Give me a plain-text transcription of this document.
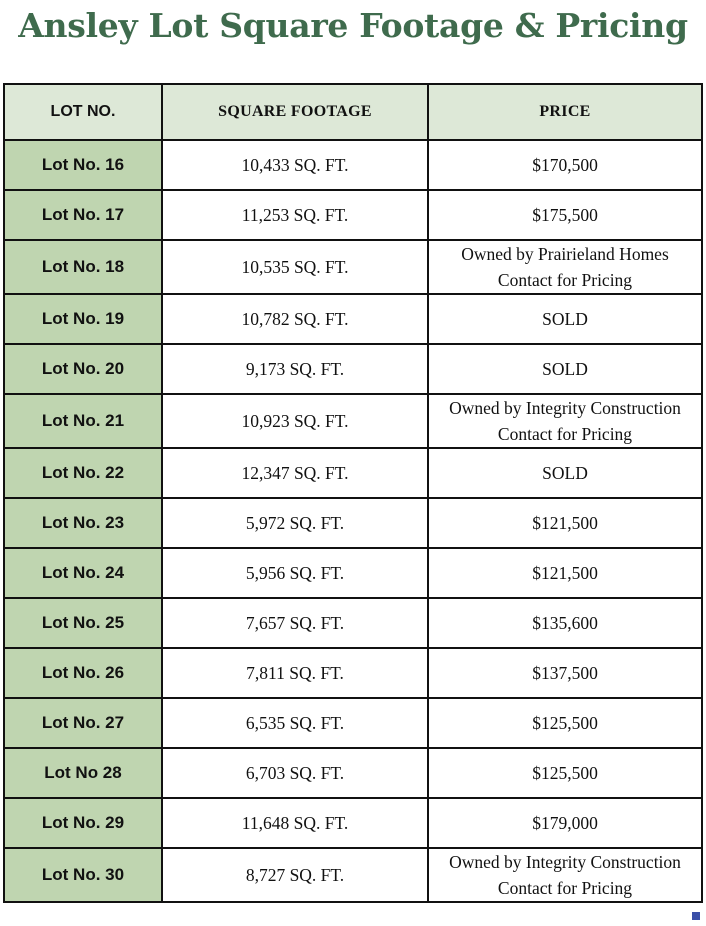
Ansley Lot Square Footage & Pricing
LOT NO.	SQUARE FOOTAGE	PRICE
Lot No. 16	10,433 SQ. FT.	$170,500

Lot No. 17	11,253 SQ. FT.	$175,500

Lot No. 18	10,535 SQ. FT.	Owned by Prairieland Homes
Contact for Pricing

Lot No. 19	10,782 SQ. FT.	SOLD

Lot No. 20	9,173 SQ. FT.	SOLD

Lot No. 21	10,923 SQ. FT.	Owned by Integrity Construction
Contact for Pricing

Lot No. 22	12,347 SQ. FT.	SOLD

Lot No. 23	5,972 SQ. FT.	$121,500

Lot No. 24	5,956 SQ. FT.	$121,500

Lot No. 25	7,657 SQ. FT.	$135,600

Lot No. 26	7,811 SQ. FT.	$137,500

Lot No. 27	6,535 SQ. FT.	$125,500

Lot No 28	6,703 SQ. FT.	$125,500

Lot No. 29	11,648 SQ. FT.	$179,000

Lot No. 30	8,727 SQ. FT.	Owned by Integrity Construction
Contact for Pricing
